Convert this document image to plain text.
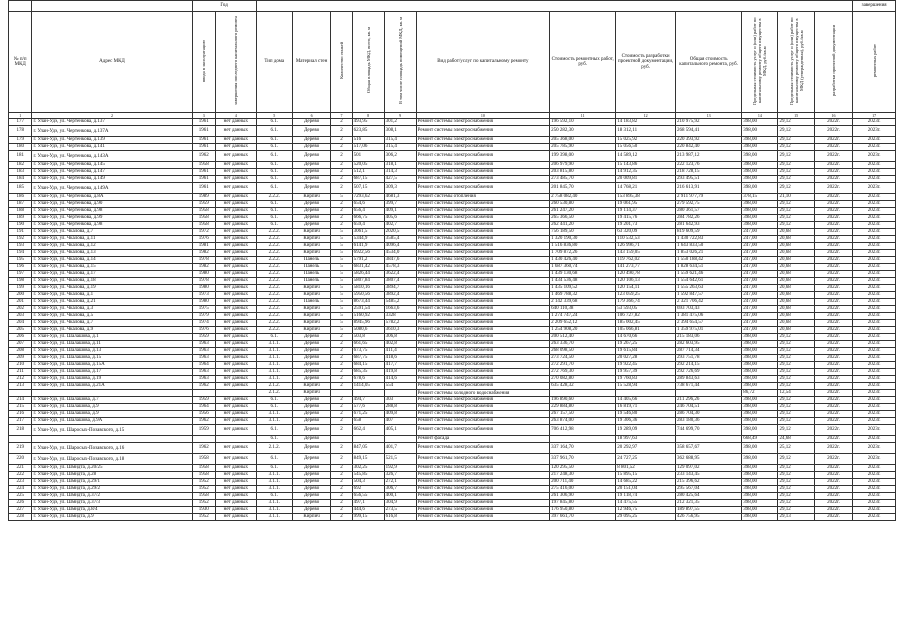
		Год														завершения
№ п/п МКД	Адрес МКД	ввода в эксплуатацию	завершения последнего капитального ремонта	Тип дома	Материал стен	Количество этажей	Общая площадь МКД, всего, кв. м	В том числе площадь помещений МКД, кв. м	Вид работ/услуг по капитальному ремонту	Стоимость ремонтных работ, руб.	Стоимость разработки проектной документации, руб.	Общая стоимость капитального ремонта, руб.	Предельная стоимость услуг и (или) работ по капитальному ремонту общего имущества в МКД, руб./кв.м	Предельная стоимость услуг и (или) работ по капитальному ремонту общего имущества в МКД (утвержденная), руб./кв.м	разработки проектной документации	ремонтных работ
1	2	3	4	5	6	7	8	9	10	11	12	13	14	15	16	17
177	г. Улан-Удэ, ул. Чертенкова, д.137	1961	нет данных	6.1.	Дерево	2	493,95	301,2	Ремонт системы электроснабжения	196 592,10	14 183,82	210 975,92	398,00	29,12	2022г.	2023г.
178	г. Улан-Удэ, ул. Чертенкова, д.137А	1961	нет данных	6.1.	Дерево	2	623,85	308,1	Ремонт системы электроснабжения	250 282,30	18 312,11	268 594,41	398,00	29,12	2022г.	2023г.
179	г. Улан-Удэ, ул. Чертенкова, д.139	1961	нет данных	6.1.	Дерево	2	516	315,4	Ремонт системы электроснабжения	205 368,00	15 025,92	220 393,92	398,00	29,12	2022г.	2023г.
180	г. Улан-Удэ, ул. Чертенкова, д.141	1961	нет данных	6.1.	Дерево	2	517,06	315,4	Ремонт системы электроснабжения	205 785,90	15 056,50	220 842,40	398,00	29,12	2022г.	2023г.
181	г. Улан-Удэ, ул. Чертенкова, д.143А	1962	нет данных	6.1.	Дерево	2	501	306,2	Ремонт системы электроснабжения	199 398,00	14 589,12	213 987,12	398,00	29,12	2022г.	2023г.
182	г. Улан-Удэ, ул. Чертенкова, д.145	1958	нет данных	6.1.	Дерево	2	520,05	318,1	Ремонт системы электроснабжения	206 979,90	15 143,86	222 123,76	398,00	29,12	2022г.	2023г.
183	г. Улан-Удэ, ул. Чертенкова, д.147	1961	нет данных	6.1.	Дерево	2	512,1	314,3	Ремонт системы электроснабжения	203 815,80	14 912,35	218 728,15	398,00	29,12	2022г.	2023г.
184	г. Улан-Удэ, ул. Чертенкова, д.149	1961	нет данных	6.1.	Дерево	2	687,15	427,5	Ремонт системы электроснабжения	273 485,70	20 009,81	293 495,51	398,00	29,12	2022г.	2023г.
185	г. Улан-Удэ, ул. Чертенкова, д.149А	1961	нет данных	6.1.	Дерево	2	507,15	309,3	Ремонт системы электроснабжения	201 845,70	14 768,21	216 613,91	398,00	29,12	2022г.	2023г.
186	г. Улан-Удэ, ул. Чертенкова, д.8А	1989	нет данных	2.2.2.	Кирпич	5	7293,62	4681,3	Ремонт системы отопления	2 758 082,40	153 895,38	2 911 977,79	378,15	21,10	2022г.	2023г.
187	г. Улан-Удэ, ул. Чертенкова, д.90	1959	нет данных	6.1.	Дерево	2	654,6	399,7	Ремонт системы электроснабжения	260 530,80	19 061,95	279 592,75	398,00	29,12	2022г.	2023г.
188	г. Улан-Удэ, ул. Чертенкова, д.98	1958	нет данных	6.1.	Дерево	2	656,4	409,1	Ремонт системы электроснабжения	261 247,20	19 114,37	280 361,57	398,00	29,12	2022г.	2023г.
189	г. Улан-Удэ, ул. Чертенкова, д.99	1958	нет данных	6.1.	Дерево	2	666,75	405,6	Ремонт системы электроснабжения	265 366,50	19 415,76	284 782,26	398,00	29,12	2022г.	2023г.
190	г. Улан-Удэ, ул. Чертенкова, д.98	1958	нет данных	6.1.	Дерево	2	659,4	402,7	Ремонт системы электроснабжения	262 441,20	19 201,73	281 642,93	398,00	29,12	2022г.	2023г.
191	г. Улан-Удэ, ул. Чкалова, д.7	1972	нет данных	2.2.2.	Кирпич	5	3061,5	2020,5	Ремонт системы электроснабжения	756 189,50	63 320,09	819 609,59	247,00	20,68	2022г.	2023г.
192	г. Улан-Удэ, ул. Чкалова, д.11	1976	нет данных	2.2.2.	Кирпич	5	5344,9	3585,4	Ремонт системы электроснабжения	1 320 190,30	110 532,53	1 430 722,83	247,00	20,68	2022г.	2023г.
193	г. Улан-Удэ, ул. Чкалова, д.12	1981	нет данных	2.2.2.	Кирпич	5	6141,9	4096,4	Ремонт системы электроснабжения	1 516 836,80	126 996,71	1 643 833,50	247,00	20,68	2022г.	2023г.
194	г. Улан-Удэ, ул. Чкалова, д.13	1982	нет данных	2.2.2.	Кирпич	5	6922,56	4534,0	Ремонт системы электроснабжения	1 709 872,26	143 159,05	1 853 026,21	247,00	20,68	2022г.	2023г.
195	г. Улан-Удэ, ул. Чкалова, д.14	1978	нет данных	2.2.2.	Панель	5	5791,2	3847,6	Ремонт системы электроснабжения	1 430 426,40	119 762,02	1 550 188,42	247,00	20,68	2022г.	2023г.
196	г. Улан-Удэ, ул. Чкалова, д.15	1982	нет данных	2.2.2.	Панель	5	6831,42	4578,3	Ремонт системы электроснабжения	1 687 360,74	141 273,77	1 828 634,51	247,00	20,68	2022г.	2023г.
197	г. Улан-Удэ, ул. Чкалова, д.17	1980	нет данных	2.2.2.	Панель	5	5826,44	3622,4	Ремонт системы электроснабжения	1 439 130,68	120 490,78	1 559 621,46	247,00	20,68	2022г.	2023г.
198	г. Улан-Удэ, ул. Чкалова, д.18	1978	нет данных	2.2.2.	Панель	5	5807,84	3807,4	Ремонт системы электроснабжения	1 434 536,48	120 106,13	1 554 642,61	247,00	20,68	2022г.	2023г.
199	г. Улан-Удэ, ул. Чкалова, д.19	1980	нет данных	2.2.2.	Кирпич	5	5810,16	3894,7	Ремонт системы электроснабжения	1 435 109,52	120 154,11	1 555 263,63	247,00	20,68	2022г.	2023г.
200	г. Улан-Удэ, ул. Чкалова, д.1	1973	нет данных	2.2.2.	Кирпич	5	5950,56	3892,4	Ремонт системы электроснабжения	1 469 788,32	123 059,25	1 592 847,57	247,00	20,68	2022г.	2023г.
201	г. Улан-Удэ, ул. Чкалова, д.21	1980	нет данных	2.2.2.	Панель	5	8673,44	5485,2	Ремонт системы электроснабжения	2 142 339,68	179 366,74	2 321 706,42	247,00	20,68	2022г.	2023г.
202	г. Улан-Удэ, ул. Чкалова, д.3	1975	нет данных	2.2.2.	Кирпич	5	2591,54	1663,6	Ремонт системы электроснабжения	640 110,38	53 593,05	693 703,43	247,00	20,68	2022г.	2023г.
203	г. Улан-Удэ, ул. Чкалова, д.5	1979	нет данных	2.2.2.	Кирпич	5	5160,92	3328	Ремонт системы электроснабжения	1 274 747,24	106 727,82	1 381 475,06	247,00	20,68	2022г.	2023г.
204	г. Улан-Удэ, ул. Чкалова, д.7	1974	нет данных	2.2.2.	Кирпич	5	8945,96	5782,2	Ремонт системы электроснабжения	2 209 652,12	185 002,45	2 394 654,57	247,00	20,68	2022г.	2023г.
205	г. Улан-Удэ, ул. Чкалова, д.9	1976	нет данных	2.2.2.	Кирпич	5	5080,6	3610,3	Ремонт системы электроснабжения	1 254 908,20	105 066,81	1 359 975,01	247,00	20,68	2022г.	2023г.
206	г. Улан-Удэ, ул. Шалашова, д.1	1959	нет данных	6.1.	Дерево	2	503,8	306,8	Ремонт системы электроснабжения	200 512,40	14 670,66	215 183,06	398,00	29,12	2022г.	2023г.
207	г. Улан-Удэ, ул. Шалашова, д.11	1963	нет данных	3.1.1.	Дерево	2	661,65	402,8	Ремонт системы электроснабжения	263 336,70	19 267,25	282 603,95	398,00	29,12	2022г.	2023г.
208	г. Улан-Удэ, ул. Шалашова, д.13	1963	нет данных	3.1.1.	Дерево	2	673,75	411,4	Ремонт системы электроснабжения	268 098,50	19 615,84	287 714,34	398,00	29,12	2022г.	2023г.
209	г. Улан-Удэ, ул. Шалашова, д.15	1963	нет данных	3.1.1.	Дерево	2	687,75	418,6	Ремонт системы электроснабжения	273 724,50	20 027,28	293 751,78	398,00	29,12	2022г.	2023г.
210	г. Улан-Удэ, ул. Шалашова, д.15А	1964	нет данных	3.1.1.	Дерево	2	684,15	417,7	Ремонт системы электроснабжения	272 291,70	19 922,45	292 214,15	398,00	29,12	2022г.	2023г.
211	г. Улан-Удэ, ул. Шалашова, д.17	1963	нет данных	3.1.1.	Дерево	2	685,35	419,8	Ремонт системы электроснабжения	272 769,30	19 957,39	292 726,69	398,00	29,12	2022г.	2023г.
212	г. Улан-Удэ, ул. Шалашова, д.19	1963	нет данных	3.1.1.	Дерево	2	678,6	414,6	Ремонт системы электроснабжения	270 082,80	19 760,83	289 843,63	398,00	29,12	2022г.	2023г.
213	г. Улан-Удэ, ул. Шалашова, д.21А	1962	нет данных	2.1.2.	Кирпич	2	1414,05	554	Ремонт системы электроснабжения	635 428,32	15 528,94	738 671,44	398,00	29,12	2022г.	2023г.
				2.1.2.	Кирпич				Ремонт системы холодного водоснабжения				86,72	12,54	2022г.	2023г.
214	г. Улан-Удэ, ул. Шалашова, д.7	1959	нет данных	6.1.	Дерево	2	494,7	303	Ремонт системы электроснабжения	196 890,60	14 405,66	211 296,26	398,00	29,12	2022г.	2023г.
215	г. Улан-Удэ, ул. Шалашова, д.9	1964	нет данных	6.1.	Дерево	2	577,6	288,8	Ремонт системы электроснабжения	229 884,80	16 819,71	246 704,51	398,00	29,12	2022г.	2023г.
216	г. Улан-Удэ, ул. Шалашова, д.9	1956	нет данных	3.1.1.	Дерево	2	671,25	409,8	Ремонт системы электроснабжения	267 157,50	19 546,80	286 704,30	398,00	29,12	2022г.	2023г.
217	г. Улан-Удэ, ул. Шалашова, д.9А	1962	нет данных	3.1.1.	Дерево	2	658	407	Ремонт системы электроснабжения	263 874,00	19 306,36	283 180,36	398,00	29,12	2022г.	2023г.
218	г. Улан-Удэ, ул. Шаросых-Позавского, д.15	1959	нет данных	6.1.	Дерево	2	662,4	405,1	Ремонт системы электроснабжения	706 412,98	19 289,09	744 699,70	398,00	29,12	2022г.	2023г.
				6.1.	Дерево				Ремонт фасада		18 997,63		668,49	24,68	2022г.	2023г.
219	г. Улан-Удэ, ул. Шаросых-Позавского, д.16	1962	нет данных	2.1.2.	Дерево	2	847,05	401,7	Ремонт системы электроснабжения	337 164,70	20 292,97	358 657,67	398,00	25,12	2022г.	2023г.
220	г. Улан-Удэ, ул. Шаросых-Позавского, д.18	1958	нет данных	6.1.	Дерево	2	849,15	521,5	Ремонт системы электроснабжения	337 961,70	24 727,25	362 688,95	398,00	29,12	2022г.	2023г.
221	г. Улан-Удэ, ул. Шмидта, д.20/25	1958	нет данных	6.1.	Дерево	2	302,25	192,9	Ремонт системы электроснабжения	120 295,50	8 801,52	129 097,02	398,00	29,12	2022г.	2023г.
222	г. Улан-Удэ, ул. Шмидта, д.28	1958	нет данных	3.1.1.	Дерево	2	545,85	326,7	Ремонт системы электроснабжения	217 248,30	15 895,15	233 143,45	398,00	29,12	2022г.	2023г.
223	г. Улан-Удэ, ул. Шмидта, д.29/1	1952	нет данных	3.1.1.	Дерево	2	504,3	272,1	Ремонт системы электроснабжения	200 711,40	14 685,22	215 396,62	398,00	29,12	2022г.	2023г.
224	г. Улан-Удэ, ул. Шмидта, д.29/2	1952	нет данных	3.1.1.	Дерево	2	692	306,7	Ремонт системы электроснабжения	275 416,00	20 151,04	295 567,04	398,00	29,12	2022г.	2023г.
225	г. Улан-Удэ, ул. Шмидта, д.37/2	1958	нет данных	6.1.	Дерево	2	656,55	400,1	Ремонт системы электроснабжения	261 306,90	19 118,74	280 425,64	398,00	29,12	2022г.	2023г.
226	г. Улан-Удэ, ул. Шмидта, д.37/3	1952	нет данных	3.1.1.	Дерево	2	497,1	304,9	Ремонт системы электроснабжения	197 845,80	14 475,55	212 321,35	398,00	29,12	2022г.	2023г.
227	г. Улан-Удэ, ул. Шмидта, д.8/4	1930	нет данных	3.1.1.	Дерево	2	444,6	273,5	Ремонт системы электроснабжения	176 950,80	12 946,75	189 897,55	398,00	29,12	2022г.	2023г.
228	г. Улан-Удэ, ул. Шмидта, д.9	1952	нет данных	3.1.1.	Кирпич	2	999,15	616,8	Ремонт системы электроснабжения	397 661,70	29 095,25	426 756,95	398,00	29,13	2022г.	2023г.
